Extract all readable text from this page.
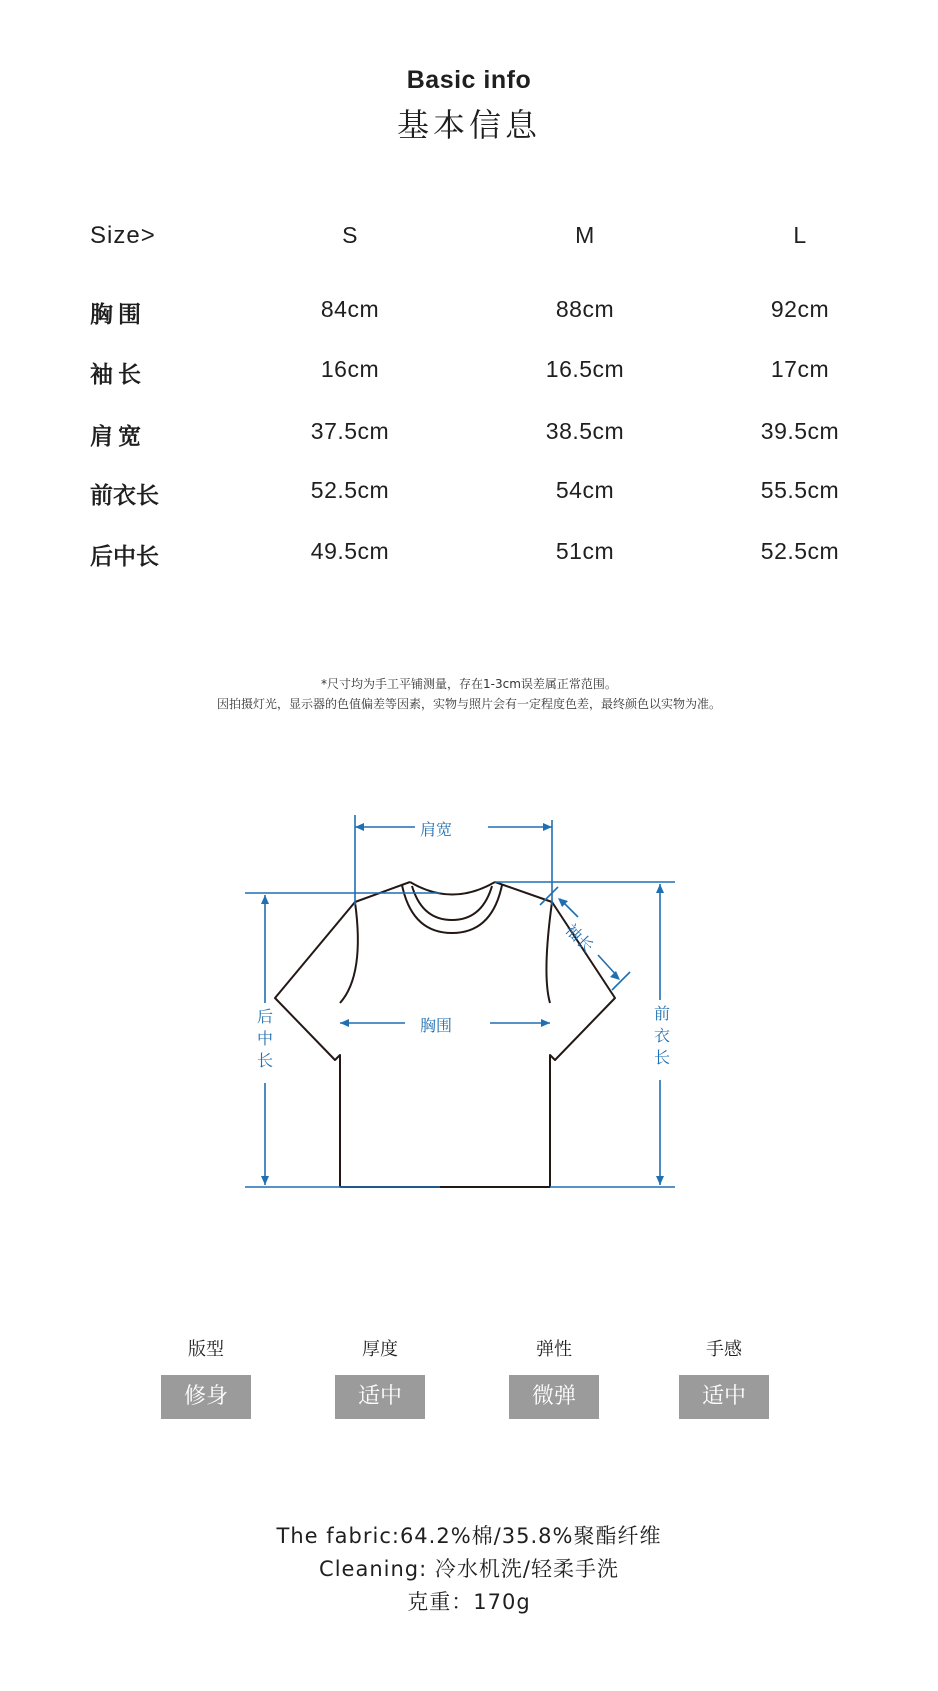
Basic info
基本信息
Size>	S	M	L
胸围	84cm	88cm	92cm
袖长	16cm	16.5cm	17cm
肩宽	37.5cm	38.5cm	39.5cm
前衣长	52.5cm	54cm	55.5cm
后中长	49.5cm	51cm	52.5cm
*尺寸均为手工平铺测量，存在1-3cm误差属正常范围。
因拍摄灯光，显示器的色值偏差等因素，实物与照片会有一定程度色差，最终颜色以实物为准。
肩宽
胸围
袖长
前衣长
后中长
版型	厚度	弹性	手感
修身	适中	微弹	适中
The fabric:64.2%棉/35.8%聚酯纤维
Cleaning: 冷水机洗/轻柔手洗
克重：170g
